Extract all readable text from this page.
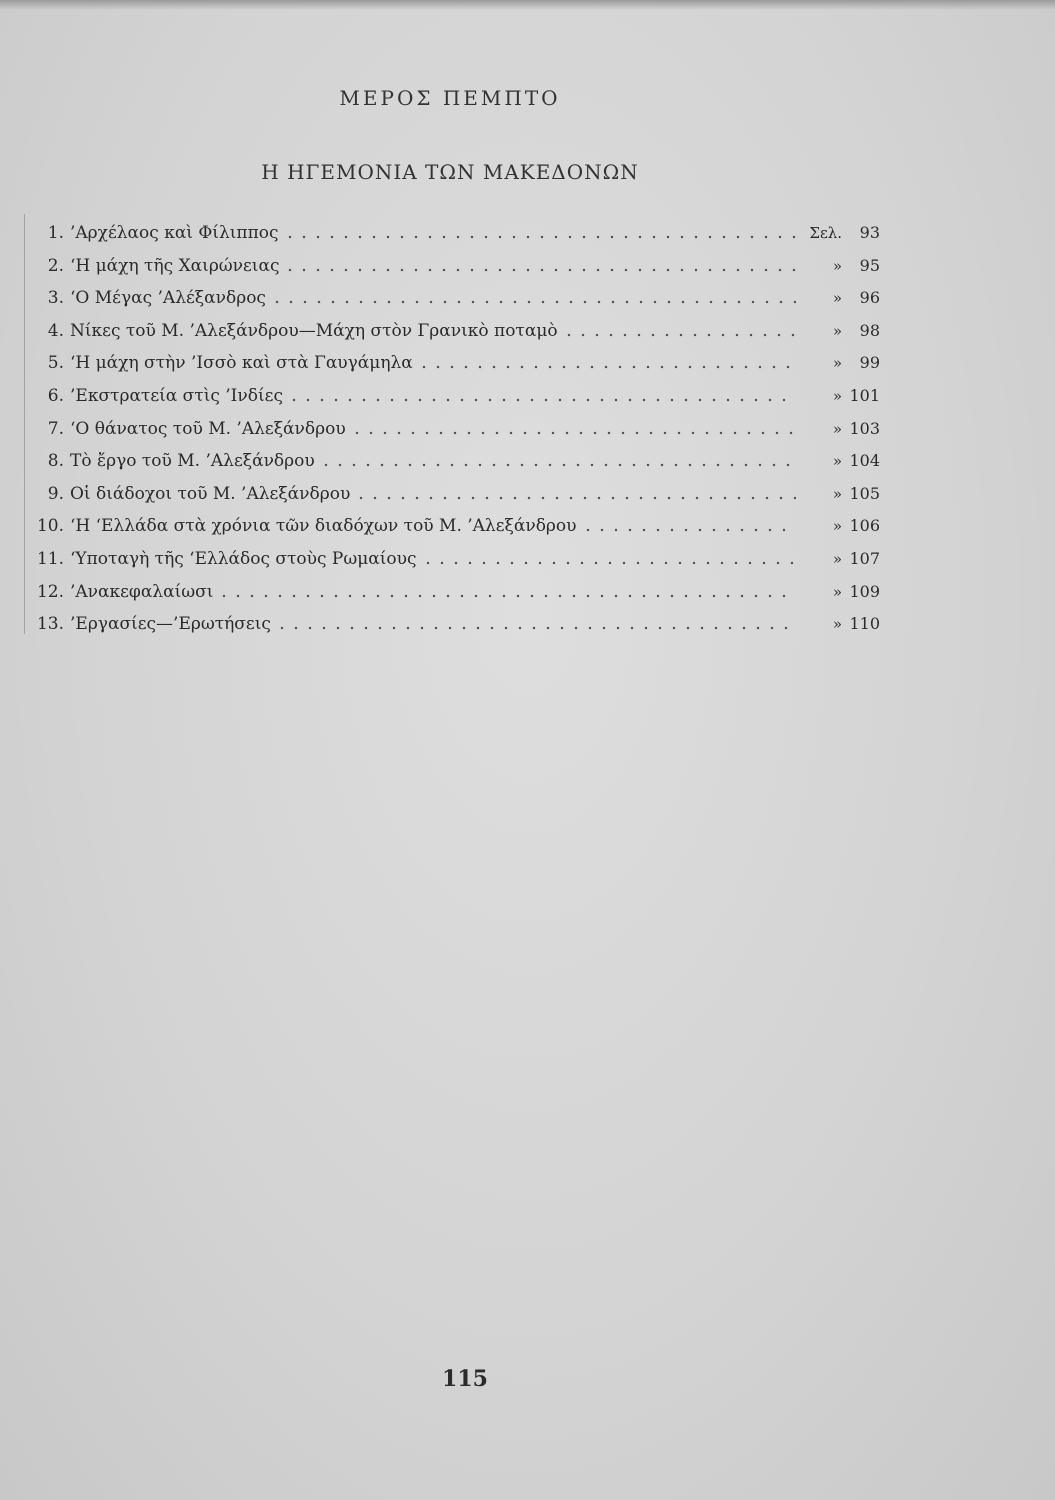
ΜΕΡΟΣ ΠΕΜΠΤΟ
Η ΗΓΕΜΟΝΙΑ ΤΩΝ ΜΑΚΕΔΟΝΩΝ
1. ’Αρχέλαος καὶ Φίλιππος	Σελ.	93
2. ‘Η μάχη τῆς Χαιρώνειας	»	95
3. ‘Ο Μέγας ’Αλέξανδρος	»	96
4. Νίκες τοῦ Μ. ’Αλεξάνδρου—Μάχη στὸν Γρανικὸ ποταμὸ	»	98
5. ‘Η μάχη στὴν ’Ισσὸ καὶ στὰ Γαυγάμηλα	»	99
6. ’Εκστρατεία στὶς ’Ινδίες	» 101
7. ‘Ο θάνατος τοῦ Μ. ’Αλεξάνδρου	» 103
8. Τὸ ἔργο τοῦ Μ. ’Αλεξάνδρου	» 104
9. Οἱ διάδοχοι τοῦ Μ. ’Αλεξάνδρου	» 105
10. ‘Η ‘Ελλάδα στὰ χρόνια τῶν διαδόχων τοῦ Μ. ’Αλεξάνδρου	» 106
11. ‘Υποταγὴ τῆς ‘Ελλάδος στοὺς Ρωμαίους	» 107
12. ’Ανακεφαλαίωσι	» 109
13. ’Εργασίες—’Ερωτήσεις	» 110
115
